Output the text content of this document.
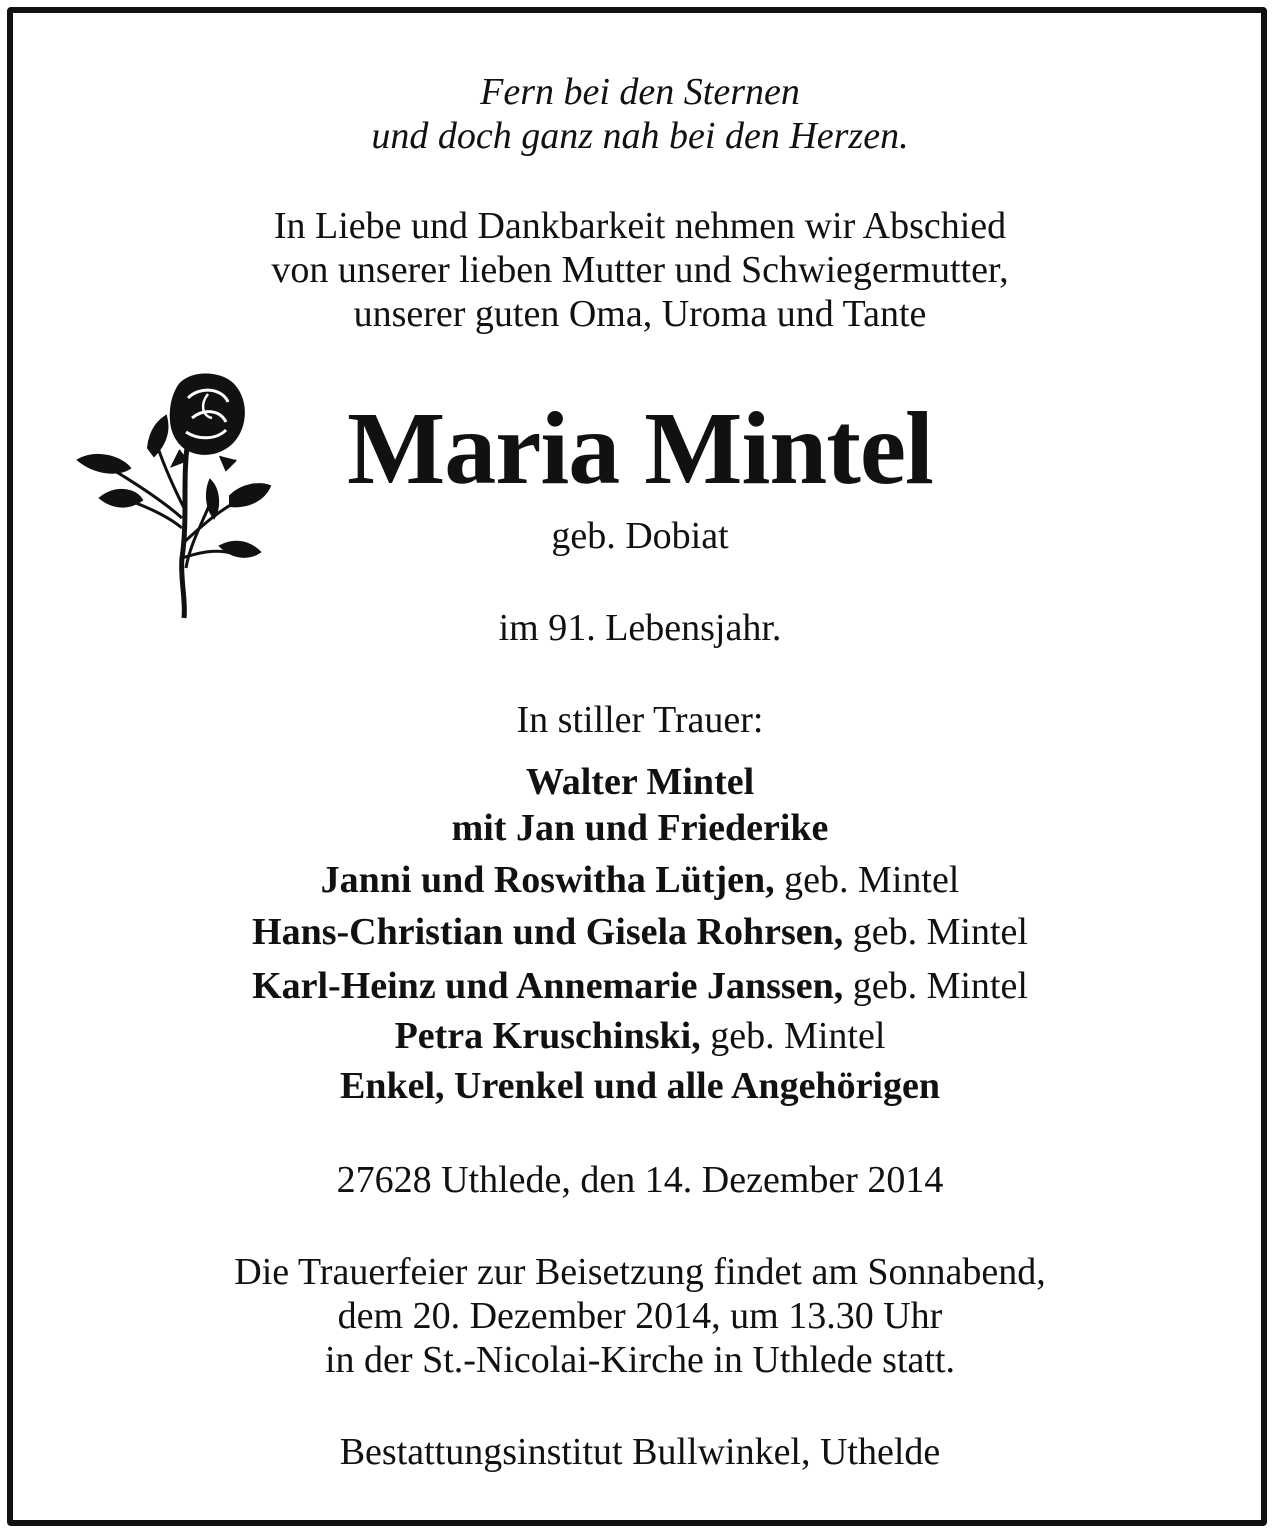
Fern bei den Sternen
und doch ganz nah bei den Herzen.
In Liebe und Dankbarkeit nehmen wir Abschied
von unserer lieben Mutter und Schwiegermutter,
unserer guten Oma, Uroma und Tante
Maria Mintel
geb. Dobiat
im 91. Lebensjahr.
In stiller Trauer:
Walter Mintel
mit Jan und Friederike
Janni und Roswitha Lütjen, geb. Mintel
Hans-Christian und Gisela Rohrsen, geb. Mintel
Karl-Heinz und Annemarie Janssen, geb. Mintel
Petra Kruschinski, geb. Mintel
Enkel, Urenkel und alle Angehörigen
27628 Uthlede, den 14. Dezember 2014
Die Trauerfeier zur Beisetzung findet am Sonnabend,
dem 20. Dezember 2014, um 13.30 Uhr
in der St.-Nicolai-Kirche in Uthlede statt.
Bestattungsinstitut Bullwinkel, Uthelde
